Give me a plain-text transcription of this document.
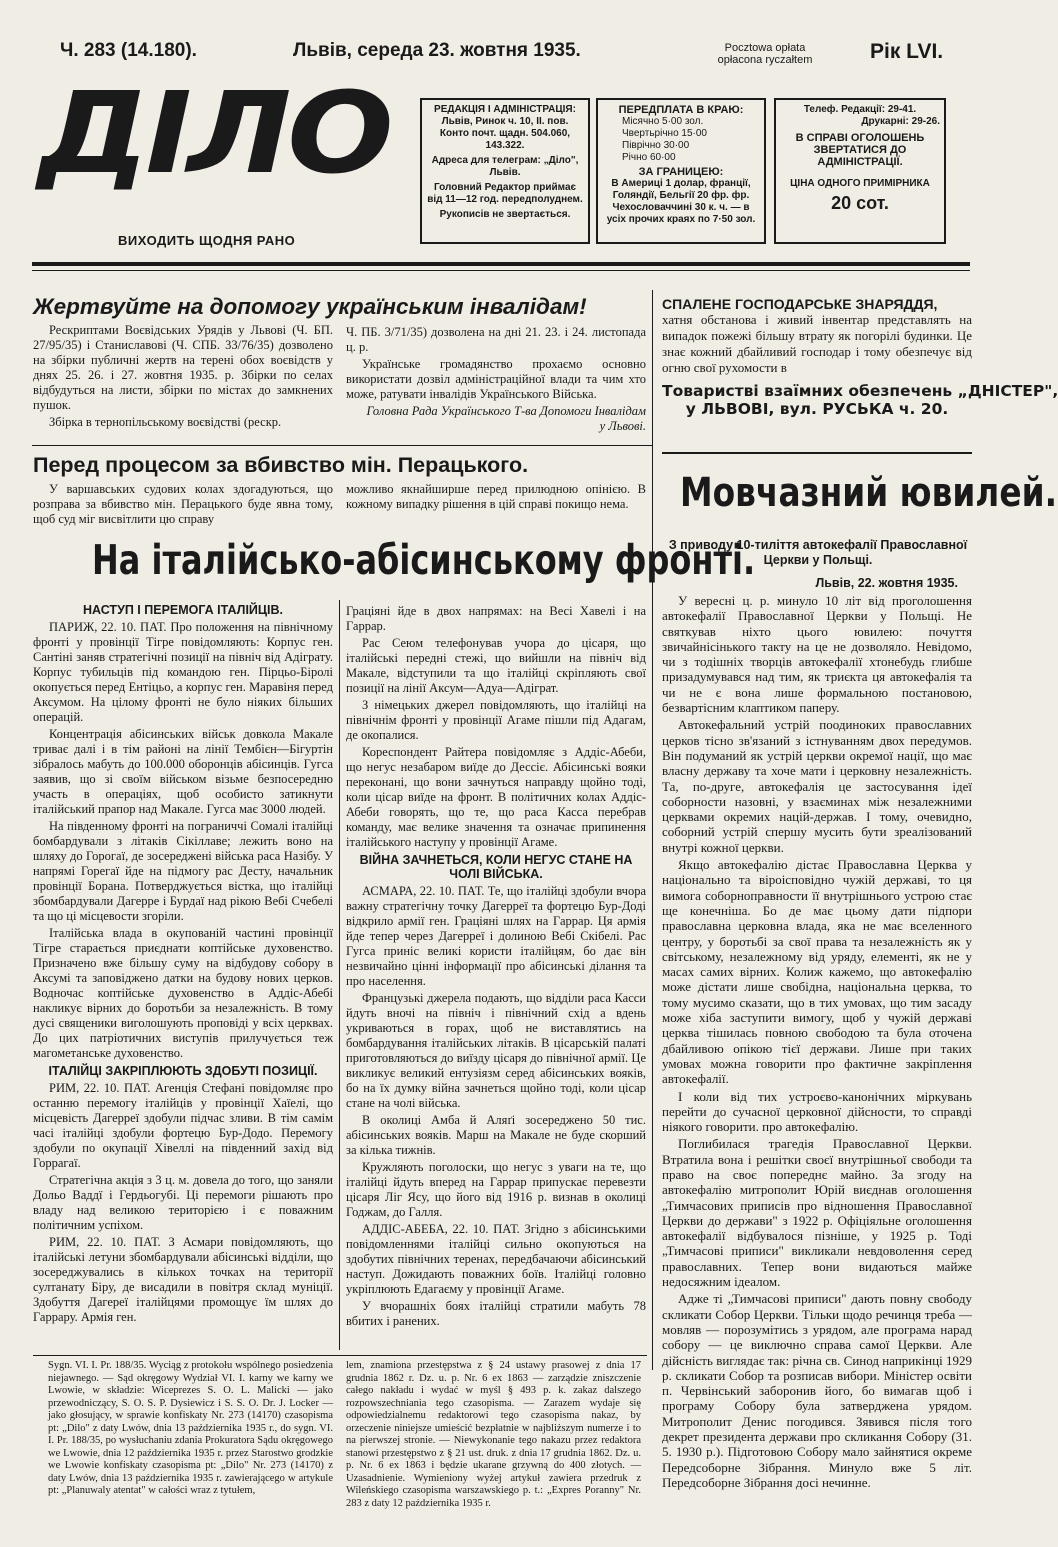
Ч. 283 (14.180).	Львів, середа 23. жовтня 1935.	Poсztowa оpłatа opłacona ryczałtem	Рік LVI.
ДІЛО
ВИХОДИТЬ ЩОДНЯ РАНО
РЕДАКЦІЯ І АДМІНІСТРАЦІЯ:
Львів, Ринок ч. 10, II. пов.
Конто почт. щадн. 504.060, 143.322.
Адреса для телеграм: „Діло", Львів.
Головний Редактор приймає від 11—12 год. передполуднем.
Рукописів не звертається.
ПЕРЕДПЛАТА В КРАЮ:
Місячно 5·00 зол.
Чвертьрічно 15·00
Піврічно 30·00
Річно 60·00
ЗА ГРАНИЦЕЮ:
В Америці 1 долар, франції, Голяндії, Бельгії 20 фр. фр. Чехословаччині 30 к. ч. — в усіх прочих краях по 7·50 зол.
Телеф. Редакції: 29-41.
Друкарні: 29-26.
В СПРАВІ ОГОЛОШЕНЬ ЗВЕРТАТИСЯ ДО АДМІНІСТРАЦІЇ.
ЦІНА ОДНОГО ПРИМІРНИКА
20 сот.
Жертвуйте на допомогу українським інвалідам!

Рескриптами Воєвідських Урядів у Львові (Ч. БП. 27/95/35) і Станиславові (Ч. СПБ. 33/76/35) дозволено на збірки публичні жертв на терені обох воєвідств у днях 25. 26. і 27. жовтня 1935. р. Збірки по селах відбудуться на листи, збірки по містах до замкнених пушок.

Збірка в тернопільському воєвідстві (рескр.

Ч. ПБ. 3/71/35) дозволена на дні 21. 23. і 24. листопада ц. р.

Українське громадянство прохаємо основно використати дозвіл адміністраційної влади та чим хто може, ратувати інвалідів Українського Війська.

Головна Рада Українського Т-ва Допомоги Інвалідам у Львові.

СПАЛЕНЕ ГОСПОДАРСЬКЕ ЗНАРЯДДЯ,
хатня обстанова і живий інвентар представлять на випадок пожежі більшу втрату як погорілі будинки. Це знає кожний дбайливий господар і тому обезпечує від огню свої рухомости в
Товаристві взаїмних обезпечень „ДНІСТЕР",
у ЛЬВОВІ, вул. РУСЬКА ч. 20.
Перед процесом за вбивство мін. Перацького.

У варшавських судових колах здогадуються, що розправа за вбивство мін. Перацького буде явна тому, щоб суд міг висвітлити цю справу

можливо якнайширше перед прилюдною опінією. В кожному випадку рішення в цій справі покищо нема.

На італійсько-абісинському фронті.
НАСТУП І ПЕРЕМОГА ІТАЛІЙЦІВ.

ПАРИЖ, 22. 10. ПАТ. Про положення на північному фронті у провінції Тігре повідомляють: Корпус ген. Сантіні заняв стратегічні позиції на північ від Адіграту. Корпус тубильців під командою ген. Пірцьо-Біролі окопується перед Ентіцьо, а корпус ген. Маравіня перед Аксумом. На цілому фронті не було ніяких більших операцій.

Концентрація абісинських військ довкола Макале триває далі і в тім районі на лінії Тембієн—Бігуртін зібралось мабуть до 100.000 оборонців абісинців. Гугса заявив, що зі своїм військом візьме безпосередню участь в операціях, щоб особисто затикнути італійський прапор над Макале. Гугса має 3000 людей.

На південному фронті на пограниччі Сомалі італійці бомбардували з літаків Сікіллаве; лежить воно на шляху до Горогаї, де зосереджені війська раса Назібу. У напрямі Горегаї йде на підмогу рас Десту, начальник провінції Борана. Потверджується вістка, що італійці збомбардували Дагерре і Бурдаї над рікою Вебі Счебелі та що ці місцевости згоріли.

Італійська влада в окупованій частині провінції Тігре старається приєднати коптійське духовенство. Призначено вже більшу суму на відбудову собору в Аксумі та заповіджено датки на будову нових церков. Водночас коптійське духовенство в Аддіс-Абебі накликує вірних до боротьби за незалежність. В тому дусі священики виголошують проповіді у всіх церквах. До цих патріотичних виступів прилучується теж магометанське духовенство.

ІТАЛІЙЦІ ЗАКРІПЛЮЮТЬ ЗДОБУТІ ПОЗИЦІЇ.

РИМ, 22. 10. ПАТ. Агенція Стефані повідомляє про останню перемогу італійців у провінції Хаїелі, що місцевість Дагерреї здобули підчас зливи. В тім самім часі італійці здобули фортецю Бур-Додо. Перемогу здобули по окупації Хівеллі на південний захід від Горрагаї.

Стратегічна акція з 3 ц. м. довела до того, що заняли Дольо Ваддї і Гердьогубі. Ці перемоги рішають про владу над великою територією і є поважним політичним успіхом.

РИМ, 22. 10. ПАТ. З Асмари повідомляють, що італійські летуни збомбардували абісинські відділи, що зосереджувались в кількох точках на території султанату Біру, де висадили в повітря склад муніції. Здобуття Дагереї італійцями промощує їм шлях до Гаррару. Армія ген.

Граціяні йде в двох напрямах: на Весі Хавелі і на Гаррар.

Рас Сеюм телефонував учора до цісаря, що італійські передні стежі, що вийшли на північ від Макале, відступили та що італійці скріпляють свої позиції на лінії Аксум—Адуа—Адіграт.

З німецьких джерел повідомляють, що італійці на північнім фронті у провінції Агаме пішли під Адагам, де окопалися.

Кореспондент Райтера повідомляє з Аддіс-Абеби, що негус незабаром виїде до Дессіє. Абісинські вояки переконані, що вони зачнуться направду щойно тоді, коли цісар виїде на фронт. В політичних колах Аддіс-Абеби говорять, що те, що раса Касса перебрав команду, має велике значення та означає припинення італійського наступу у провінції Агаме.

ВІЙНА ЗАЧНЕТЬСЯ, КОЛИ НЕГУС СТАНЕ НА ЧОЛІ ВІЙСЬКА.

АСМАРА, 22. 10. ПАТ. Те, що італійці здобули вчора важну стратегічну точку Дагерреї та фортецю Бур-Доді відкрило армії ген. Граціяні шлях на Гаррар. Ця армія йде тепер через Дагерреї і долиною Вебі Скібелі. Рас Гугса приніс великі користи італійцям, бо дає він незвичайно цінні інформації про абісинські ділання та про населення.

Французькі джерела подають, що відділи раса Касси йдуть вночі на північ і північний схід а вдень укриваються в горах, щоб не виставлятись на бомбардування італійських літаків. В цісарській палаті приготовляються до виїзду цісаря до північної армії. Це викликує великий ентузіязм серед абісинських вояків, бо на їх думку війна зачнеться щойно тоді, коли цісар стане на чолі війська.

В околиці Амба й Аляґі зосереджено 50 тис. абісинських вояків. Марш на Макале не буде скорший за кілька тижнів.

Кружляють поголоски, що негус з уваги на те, що італійці йдуть вперед на Гаррар припускає перевезти цісаря Ліг Ясу, що його від 1916 р. визнав в околиці Годжам, до Галля.

АДДІС-АБЕБА, 22. 10. ПАТ. Згідно з абісинськими повідомленнями італійці сильно окопуються на здобутих північних теренах, передбачаючи абісинський наступ. Дожидають поважних боїв. Італійці головно укріплюють Едагаєму у провінції Агаме.

У вчорашніх боях італійці стратили мабуть 78 вбитих і ранених.

Мовчазний ювилей.
З приводу 10-тиліття автокефалії Православної Церкви у Польщі.
Львів, 22. жовтня 1935.

У вересні ц. р. минуло 10 літ від проголошення автокефалії Православної Церкви у Польщі. Не святкував ніхто цього ювилею: почуття звичайнісінького такту на це не дозволяло. Невідомо, чи з тодішніх творців автокефалії хтонебудь глибше призадумувався над тим, як триєкта ця автокефалія та чи не є вона лише формальною постановою, безвартісним клаптиком паперу.

Автокефальний устрій поодиноких православних церков тісно зв'язаний з істнуванням двох передумов. Він подуманий як устрій церкви окремої нації, що має власну державу та хоче мати і церковну незалежність. Та, по-друге, автокефалія це застосування ідеї соборности назовні, у взаєминах між незалежними церквами окремих націй-держав. І тому, очевидно, соборний устрій спершу мусить бути зреалізований внутрі кожної церкви.

Якщо автокефалію дістає Православна Церква у національно та віроісповідно чужій державі, то ця вимога соборноправности її внутрішнього устрою стає ще конечніша. Бо де має цьому дати підпори православна церковна влада, яка не має вселенного центру, у боротьбі за свої права та незалежність як у світському, незалежному від уряду, елементі, як не у масах самих вірних. Колиж кажемо, що автокефалію може дістати лише свобідна, національна церква, то тому мусимо сказати, що в тих умовах, що тим засаду може хіба заступити вимогу, щоб у чужій державі церква тішилась повною свободою та була оточена дбайливою опікою тієї держави. Лише при таких умовах можна говорити про фактичне закріплення автокефалії.

І коли від тих устроєво-канонічних міркувань перейти до сучасної церковної дійсности, то справді ніякого говорити. про автокефалію.

Поглибилася трагедія Православної Церкви. Втратила вона і решітки своєї внутрішньої свободи та право на своє попереднє майно. За згоду на автокефалію митрополит Юрій виєднав оголошення „Тимчасових приписів про відношення Православної Церкви до держави" з 1922 р. Офіціяльне оголошення автокефалії відбувалося пізніше, у 1925 р. Тоді „Тимчасові приписи" викликали невдоволення серед православних. Тепер вони видаються майже недосяжним ідеалом.

Адже ті „Тимчасові приписи" дають повну свободу скликати Собор Церкви. Тільки щодо речинця треба — мовляв — порозумітись з урядом, але програма нарад собору — це виключно справа самої Церкви. Але дійсність виглядає так: річна св. Синод наприкінці 1929 р. скликати Собор та розписав вибори. Міністер освіти п. Червінський заборонив його, бо вимагав щоб і програму Собору була затверджена урядом. Митрополит Денис погодився. Зявився після того декрет президента держави про скликання Собору (31. 5. 1930 р.). Підготовою Собору мало зайнятися окреме Передсоборне Зібрання. Минуло вже 5 літ. Передсоборне Зібрання досі нечинне.

Sygn. VI. I. Pr. 188/35. Wyciąg z protokołu wspólnego posiedzenia niejawnego. — Sąd okręgowy Wydział VI. I. karny we karny we Lwowie, w składzie: Wiceprezes S. O. L. Malicki — jako przewodniczący, S. O. S. P. Dysiewicz i S. S. O. Dr. J. Locker — jako głosujący, w sprawie konfiskaty Nr. 273 (14170) czasopisma pt: „Dilo" z daty Lwów, dnia 13 października 1935 r., do sygn. VI. I. Pr. 188/35, po wysłuchaniu zdania Prokuratora Sądu okręgowego we Lwowie, dnia 12 października 1935 r. przez Starostwo grodzkie we Lwowie konfiskaty czasopisma pt: „Dilo" Nr. 273 (14170) z daty Lwów, dnia 13 października 1935 r. zawierającego w artykule pt: „Planuwaly atentat" w całości wraz z tytułem,
lem, znamiona przestępstwa z § 24 ustawy prasowej z dnia 17 grudnia 1862 r. Dz. u. p. Nr. 6 ex 1863 — zarządzie zniszczenie całego nakładu i wydać w myśl § 493 p. k. zakaz dalszego rozpowszechniania tego czasopisma. — Zarazem wydaje się odpowiedzialnemu redaktorowi tego czasopisma nakaz, by orzeczenie niniejsze umieścić bezpłatnie w najbliższym numerze i to na pierwszej stronie. — Niewykonanie tego nakazu przez redaktora stanowi przestępstwo z § 21 ust. druk. z dnia 17 grudnia 1862. Dz. u. p. Nr. 6 ex 1863 i będzie ukarane grzywną do 400 złotych. — Uzasadnienie. Wymieniony wyżej artykuł zawiera przedruk z Wileńskiego czasopisma warszawskiego p. t.: „Expres Poranny" Nr. 283 z daty 12 października 1935 r.
